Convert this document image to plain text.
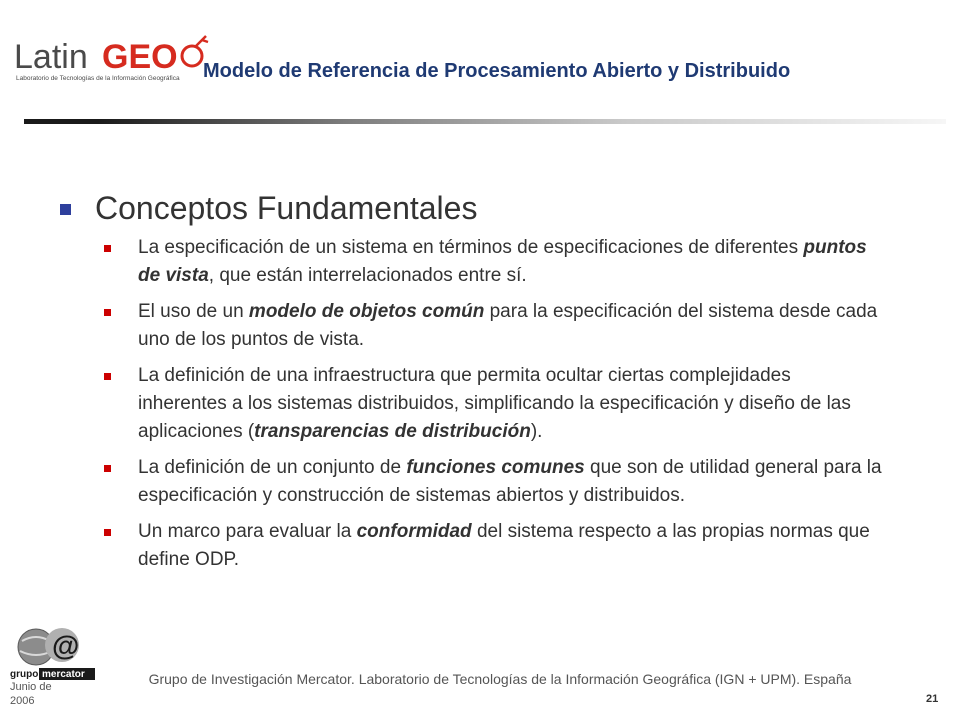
Latin GEO
Laboratorio de Tecnologías de la Información Geográfica Modelo de Referencia de Procesamiento Abierto y Distribuido
Conceptos Fundamentales
La especificación de un sistema en términos de especificaciones de diferentes puntos de vista, que están interrelacionados entre sí.
El uso de un modelo de objetos común para la especificación del sistema desde cada uno de los puntos de vista.
La definición de una infraestructura que permita ocultar ciertas complejidades inherentes a los sistemas distribuidos, simplificando la especificación y diseño de las aplicaciones (transparencias de distribución).
La definición de un conjunto de funciones comunes que son de utilidad general para la especificación y construcción de sistemas abiertos y distribuidos.
Un marco para evaluar la conformidad del sistema respecto a las propias normas que define ODP.
@
grupo mercator
Junio de 2006
Grupo de Investigación Mercator. Laboratorio de Tecnologías de la Información Geográfica (IGN + UPM). España
21
